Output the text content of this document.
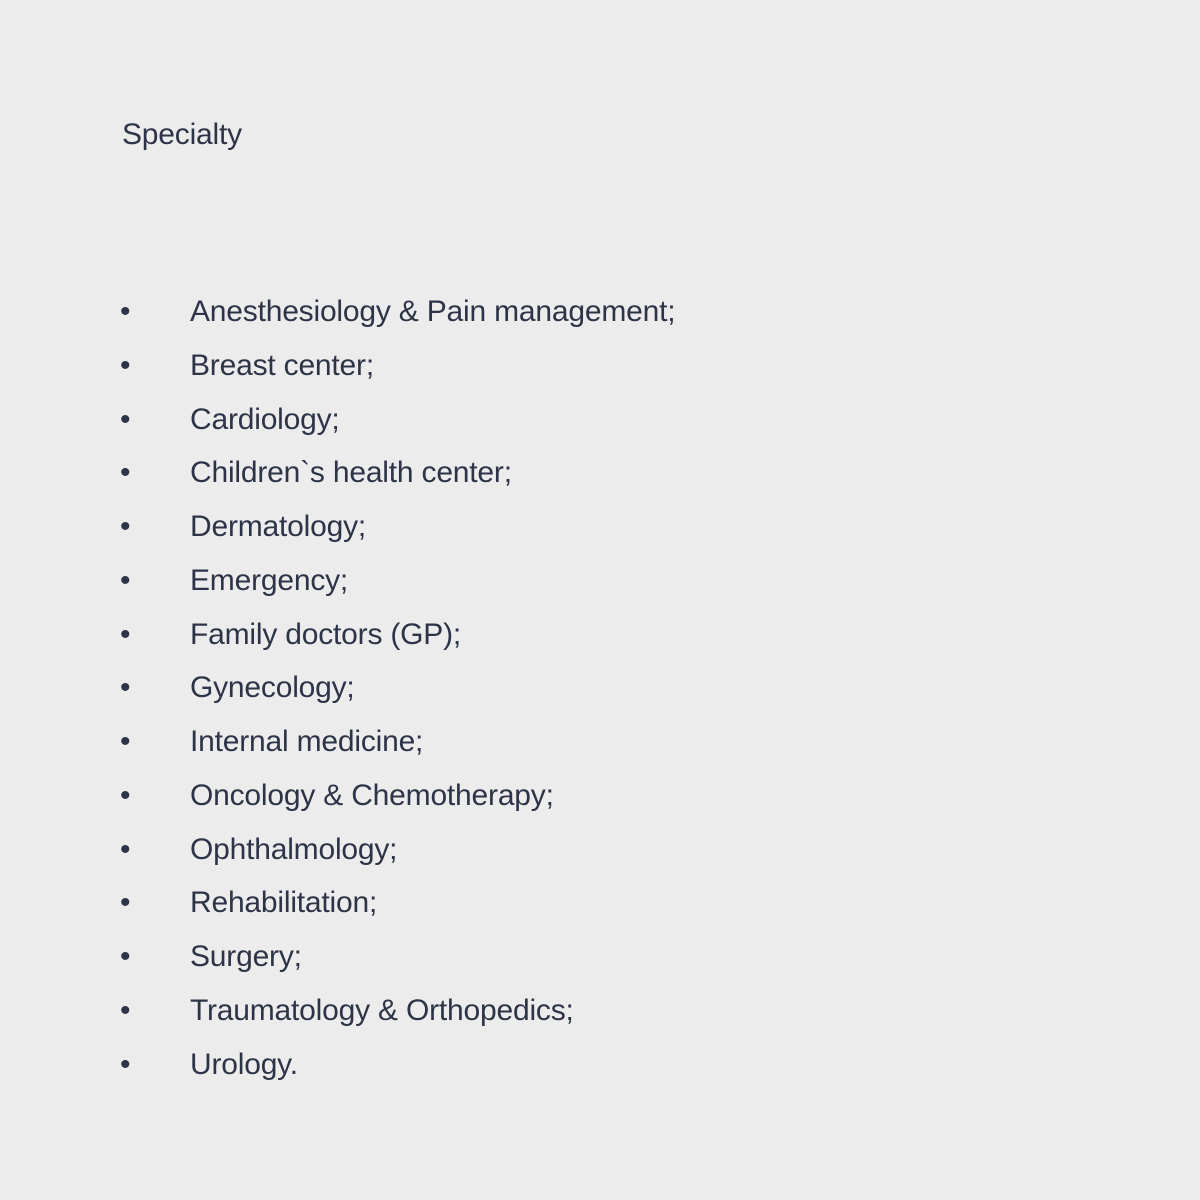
Specialty
• Anesthesiology & Pain management;
• Breast center;
• Cardiology;
• Children`s health center;
• Dermatology;
• Emergency;
• Family doctors (GP);
• Gynecology;
• Internal medicine;
• Oncology & Chemotherapy;
• Ophthalmology;
• Rehabilitation;
• Surgery;
• Traumatology & Orthopedics;
• Urology.
